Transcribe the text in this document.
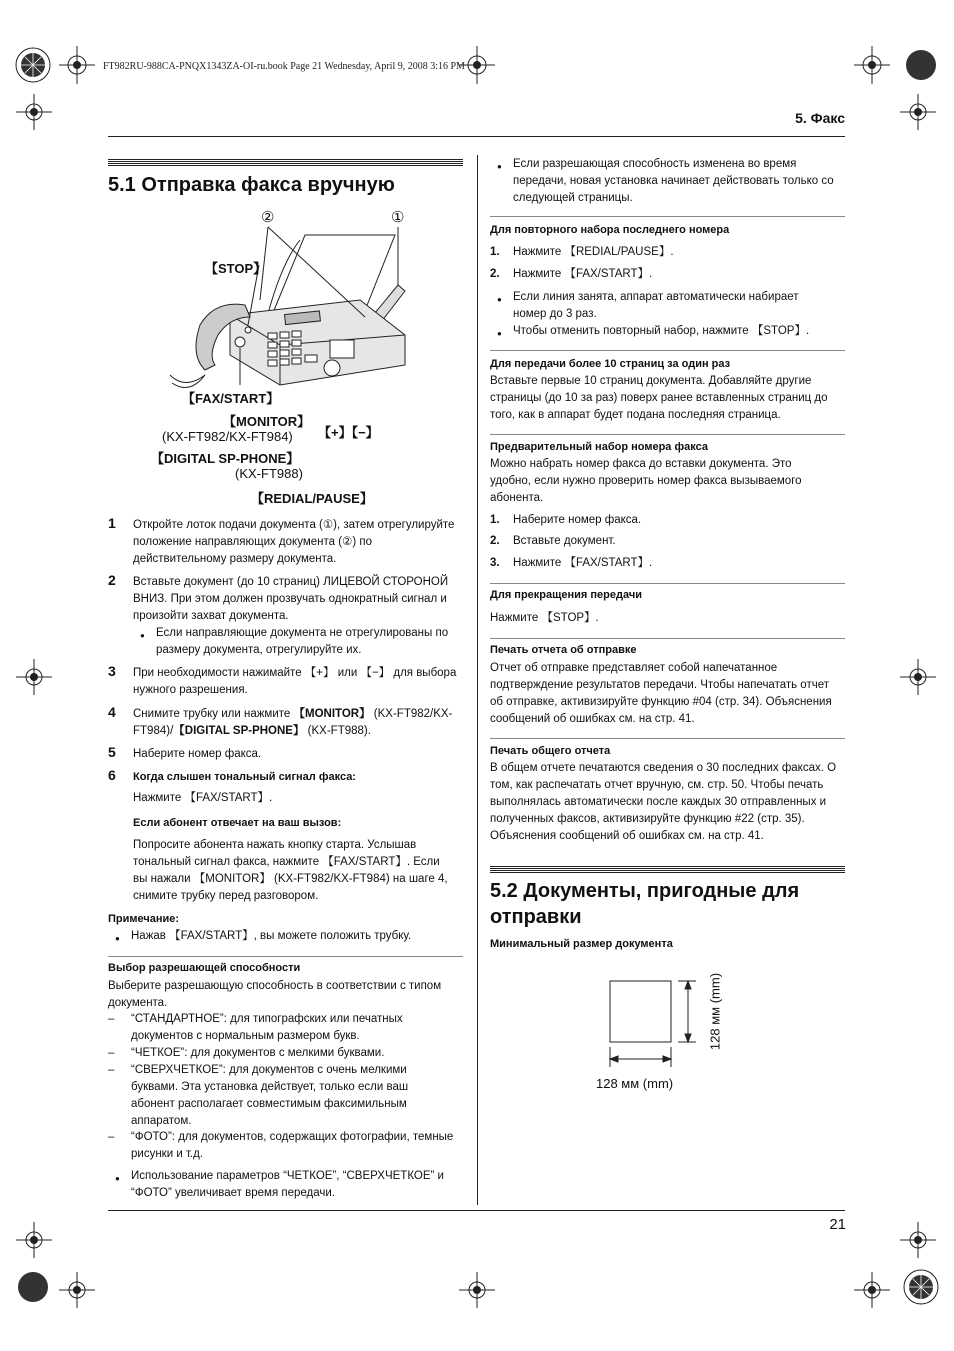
FT982RU-988CA-PNQX1343ZA-OI-ru.book Page 21 Wednesday, April 9, 2008 3:16 PM
5. Факс
5.1 Отправка факса вручную
②	①
【STOP】
【FAX/START】
【MONITOR】
(KX-FT982/KX-FT984)
【DIGITAL SP-PHONE】
(KX-FT988)
【+】【−】
【REDIAL/PAUSE】
1 Откройте лоток подачи документа (①), затем отрегулируйте положение направляющих документа (②) по действительному размеру документа.
2 Вставьте документ (до 10 страниц) ЛИЦЕВОЙ СТОРОНОЙ ВНИЗ. При этом должен прозвучать однократный сигнал и произойти захват документа.
● Если направляющие документа не отрегулированы по размеру документа, отрегулируйте их.
3 При необходимости нажимайте 【+】 или 【−】 для выбора нужного разрешения.
4 Снимите трубку или нажмите 【MONITOR】 (KX-FT982/KX-FT984)/【DIGITAL SP-PHONE】 (KX-FT988).
5 Наберите номер факса.
6 Когда слышен тональный сигнал факса:
Нажмите 【FAX/START】.
Если абонент отвечает на ваш вызов:
Попросите абонента нажать кнопку старта. Услышав тональный сигнал факса, нажмите 【FAX/START】. Если вы нажали 【MONITOR】 (KX-FT982/KX-FT984) на шаге 4, снимите трубку перед разговором.
Примечание:
● Нажав 【FAX/START】, вы можете положить трубку.
Выбор разрешающей способности
Выберите разрешающую способность в соответствии с типом документа.
– “СТАНДАРТНОЕ”: для типографских или печатных документов с нормальным размером букв.
– “ЧЕТКОЕ”: для документов с мелкими буквами.
– “СВЕРХЧЕТКОЕ”: для документов с очень мелкими буквами. Эта установка действует, только если ваш абонент располагает совместимым факсимильным аппаратом.
– “ФОТО”: для документов, содержащих фотографии, темные рисунки и т.д.
● Использование параметров “ЧЕТКОЕ”, “СВЕРХЧЕТКОЕ” и “ФОТО” увеличивает время передачи.
● Если разрешающая способность изменена во время передачи, новая установка начинает действовать только со следующей страницы.
Для повторного набора последнего номера
1. Нажмите 【REDIAL/PAUSE】.
2. Нажмите 【FAX/START】.
● Если линия занята, аппарат автоматически набирает номер до 3 раз.
● Чтобы отменить повторный набор, нажмите 【STOP】.
Для передачи более 10 страниц за один раз
Вставьте первые 10 страниц документа. Добавляйте другие страницы (до 10 за раз) поверх ранее вставленных страниц до того, как в аппарат будет подана последняя страница.
Предварительный набор номера факса
Можно набрать номер факса до вставки документа. Это удобно, если нужно проверить номер факса вызываемого абонента.
1. Наберите номер факса.
2. Вставьте документ.
3. Нажмите 【FAX/START】.
Для прекращения передачи
Нажмите 【STOP】.
Печать отчета об отправке
Отчет об отправке представляет собой напечатанное подтверждение результатов передачи. Чтобы напечатать отчет об отправке, активизируйте функцию #04 (стр. 34). Объяснения сообщений об ошибках см. на стр. 41.
Печать общего отчета
В общем отчете печатаются сведения о 30 последних факсах. О том, как распечатать отчет вручную, см. стр. 50. Чтобы печать выполнялась автоматически после каждых 30 отправленных и полученных факсов, активизируйте функцию #22 (стр. 35). Объяснения сообщений об ошибках см. на стр. 41.
5.2 Документы, пригодные для отправки
Минимальный размер документа
128 мм (mm)
128 мм (mm)
21
